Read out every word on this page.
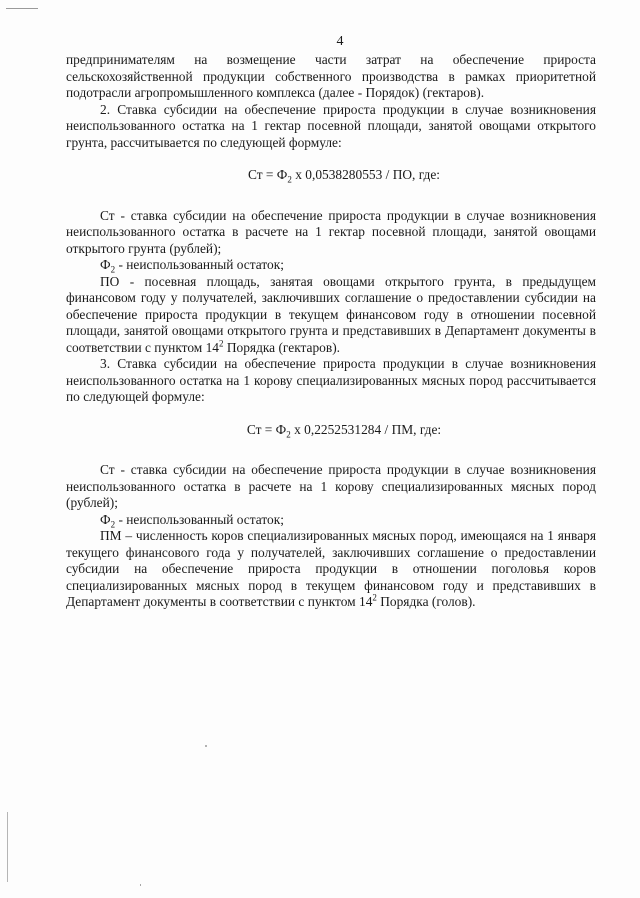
4

предпринимателям на возмещение части затрат на обеспечение прироста сельскохозяйственной продукции собственного производства в рамках приоритетной подотрасли агропромышленного комплекса (далее - Порядок) (гектаров).

2. Ставка субсидии на обеспечение прироста продукции в случае возникновения неиспользованного остатка на 1 гектар посевной площади, занятой овощами открытого грунта, рассчитывается по следующей формуле:

Ст = $Ф_2$ х 0,0538280553 / ПО, где:

Ст - ставка субсидии на обеспечение прироста продукции в случае возникновения неиспользованного остатка в расчете на 1 гектар посевной площади, занятой овощами открытого грунта (рублей);

$Ф_2$ - неиспользованный остаток;

ПО - посевная площадь, занятая овощами открытого грунта, в предыдущем финансовом году у получателей, заключивших соглашение о предоставлении субсидии на обеспечение прироста продукции в текущем финансовом году в отношении посевной площади, занятой овощами открытого грунта и представивших в Департамент документы в соответствии с пунктом $14^2$ Порядка (гектаров).

3. Ставка субсидии на обеспечение прироста продукции в случае возникновения неиспользованного остатка на 1 корову специализированных мясных пород рассчитывается по следующей формуле:

Ст = $Ф_2$ х 0,2252531284 / ПМ, где:

Ст - ставка субсидии на обеспечение прироста продукции в случае возникновения неиспользованного остатка в расчете на 1 корову специализированных мясных пород (рублей);

$Ф_2$ - неиспользованный остаток;

ПМ – численность коров специализированных мясных пород, имеющаяся на 1 января текущего финансового года у получателей, заключивших соглашение о предоставлении субсидии на обеспечение прироста продукции в отношении поголовья коров специализированных мясных пород в текущем финансовом году и представивших в Департамент документы в соответствии с пунктом $14^2$ Порядка (голов).
